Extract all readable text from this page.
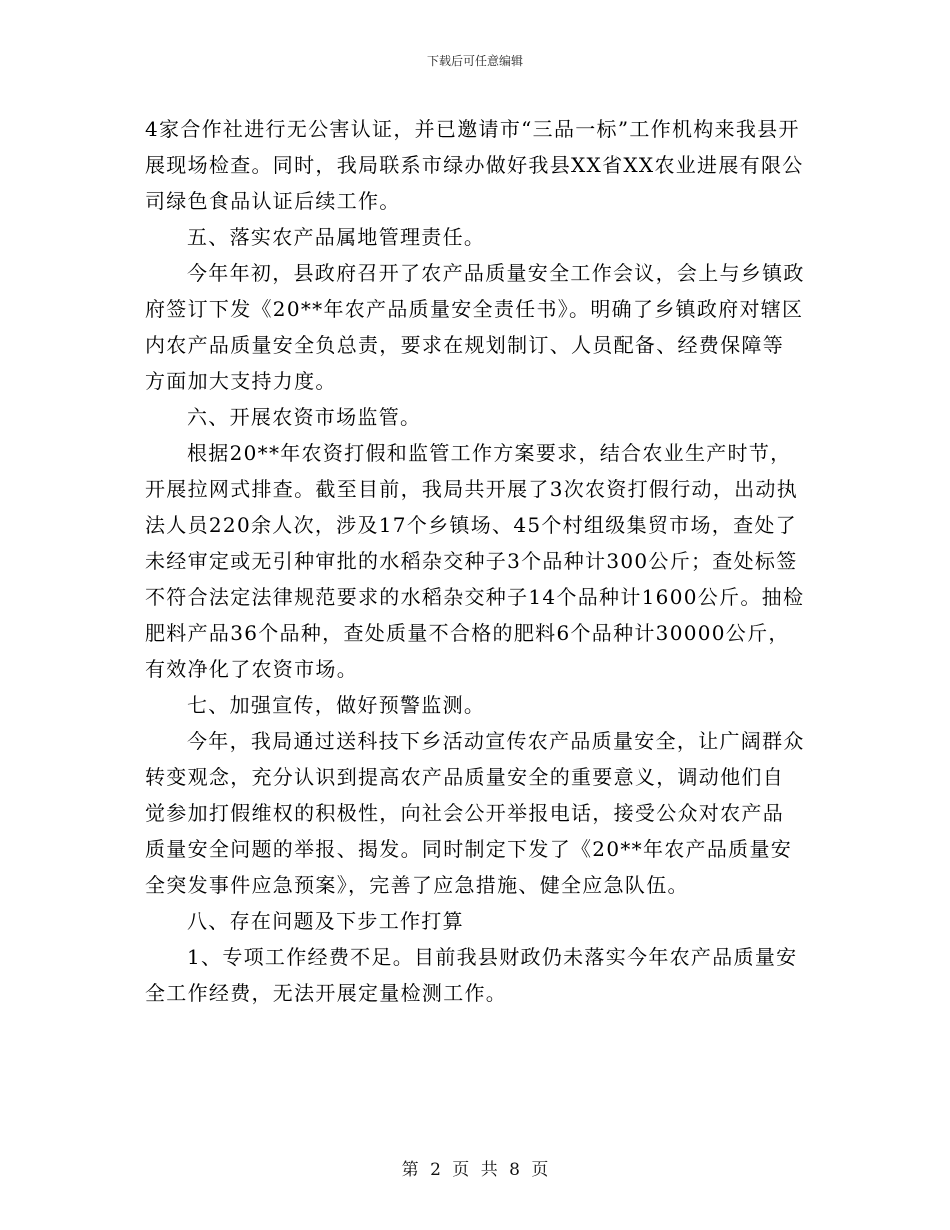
下载后可任意编辑

4家合作社进行无公害认证，并已邀请市“三品一标”工作机构来我县开展现场检查。同时，我局联系市绿办做好我县XX省XX农业进展有限公司绿色食品认证后续工作。

五、落实农产品属地管理责任。

今年年初，县政府召开了农产品质量安全工作会议，会上与乡镇政府签订下发《20**年农产品质量安全责任书》。明确了乡镇政府对辖区内农产品质量安全负总责，要求在规划制订、人员配备、经费保障等方面加大支持力度。

六、开展农资市场监管。

根据20**年农资打假和监管工作方案要求，结合农业生产时节，开展拉网式排查。截至目前，我局共开展了3次农资打假行动，出动执法人员220余人次，涉及17个乡镇场、45个村组级集贸市场，查处了未经审定或无引种审批的水稻杂交种子3个品种计300公斤；查处标签不符合法定法律规范要求的水稻杂交种子14个品种计1600公斤。抽检肥料产品36个品种，查处质量不合格的肥料6个品种计30000公斤，有效净化了农资市场。

七、加强宣传，做好预警监测。

今年，我局通过送科技下乡活动宣传农产品质量安全，让广阔群众转变观念，充分认识到提高农产品质量安全的重要意义，调动他们自觉参加打假维权的积极性，向社会公开举报电话，接受公众对农产品质量安全问题的举报、揭发。同时制定下发了《20**年农产品质量安全突发事件应急预案》，完善了应急措施、健全应急队伍。

八、存在问题及下步工作打算

1、专项工作经费不足。目前我县财政仍未落实今年农产品质量安全工作经费，无法开展定量检测工作。

第 2 页 共 8 页
